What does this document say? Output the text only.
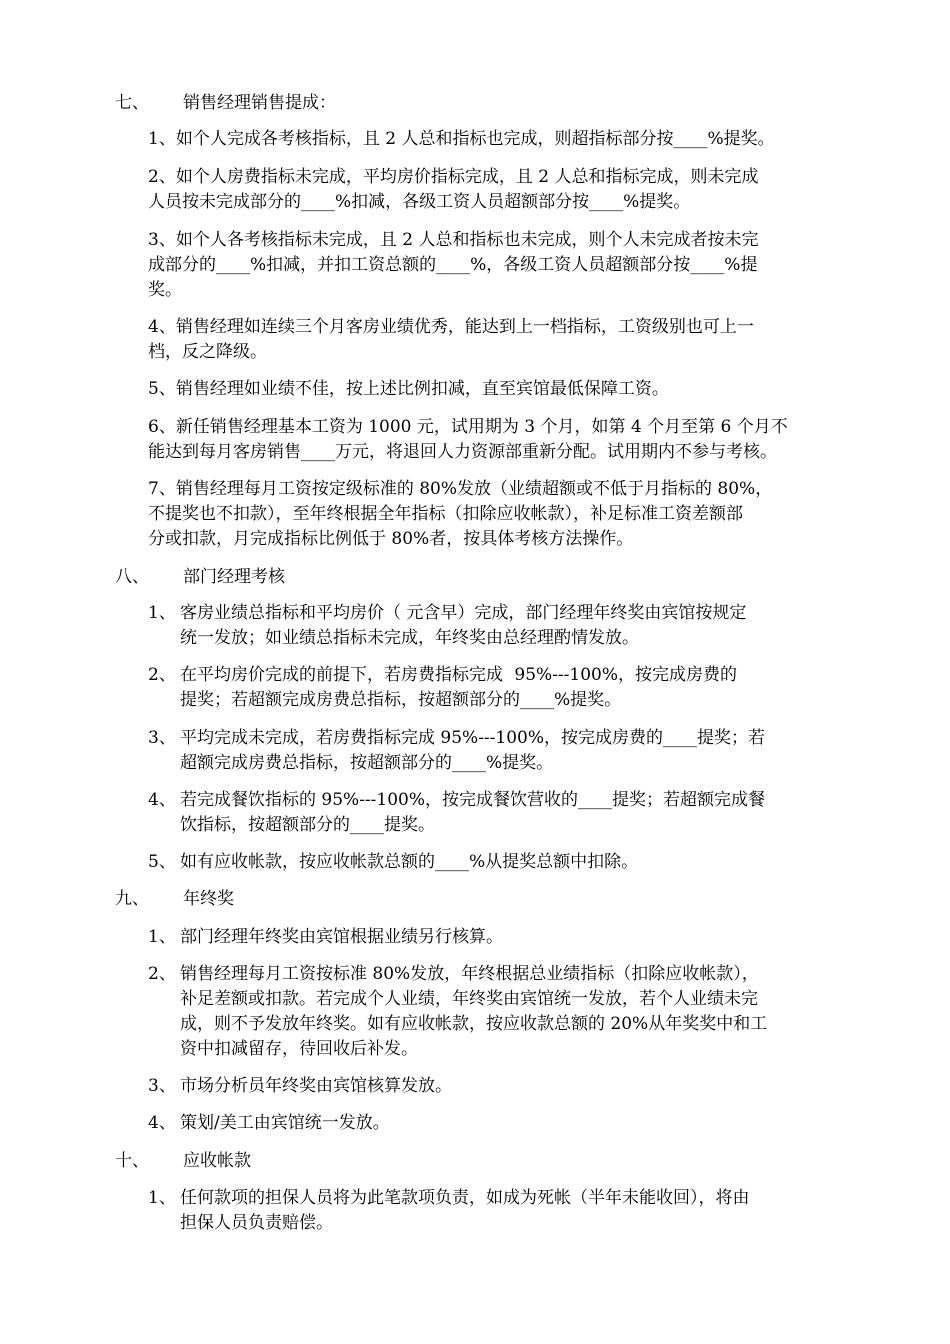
七、 销售经理销售提成：
1、如个人完成各考核指标，且 2 人总和指标也完成，则超指标部分按____%提奖。
2、如个人房费指标未完成，平均房价指标完成，且 2 人总和指标完成，则未完成
人员按未完成部分的____%扣减，各级工资人员超额部分按____%提奖。
3、如个人各考核指标未完成，且 2 人总和指标也未完成，则个人未完成者按未完
成部分的____%扣减，并扣工资总额的____%，各级工资人员超额部分按____%提
奖。
4、销售经理如连续三个月客房业绩优秀，能达到上一档指标，工资级别也可上一
档，反之降级。
5、销售经理如业绩不佳，按上述比例扣减，直至宾馆最低保障工资。
6、新任销售经理基本工资为 1000 元，试用期为 3 个月，如第 4 个月至第 6 个月不
能达到每月客房销售____万元，将退回人力资源部重新分配。试用期内不参与考核。
7、销售经理每月工资按定级标准的 80%发放（业绩超额或不低于月指标的 80%，
不提奖也不扣款），至年终根据全年指标（扣除应收帐款），补足标准工资差额部
分或扣款，月完成指标比例低于 80%者，按具体考核方法操作。
八、 部门经理考核
1、 客房业绩总指标和平均房价（ 元含早）完成，部门经理年终奖由宾馆按规定
统一发放；如业绩总指标未完成，年终奖由总经理酌情发放。
2、 在平均房价完成的前提下，若房费指标完成 95%---100%，按完成房费的
提奖；若超额完成房费总指标，按超额部分的____%提奖。
3、 平均完成未完成，若房费指标完成 95%---100%，按完成房费的____提奖；若
超额完成房费总指标，按超额部分的____%提奖。
4、 若完成餐饮指标的 95%---100%，按完成餐饮营收的____提奖；若超额完成餐
饮指标，按超额部分的____提奖。
5、 如有应收帐款，按应收帐款总额的____%从提奖总额中扣除。
九、 年终奖
1、 部门经理年终奖由宾馆根据业绩另行核算。
2、 销售经理每月工资按标准 80%发放，年终根据总业绩指标（扣除应收帐款），
补足差额或扣款。若完成个人业绩，年终奖由宾馆统一发放，若个人业绩未完
成，则不予发放年终奖。如有应收帐款，按应收款总额的 20%从年奖奖中和工
资中扣减留存，待回收后补发。
3、 市场分析员年终奖由宾馆核算发放。
4、 策划/美工由宾馆统一发放。
十、 应收帐款
1、 任何款项的担保人员将为此笔款项负责，如成为死帐（半年未能收回），将由
担保人员负责赔偿。
